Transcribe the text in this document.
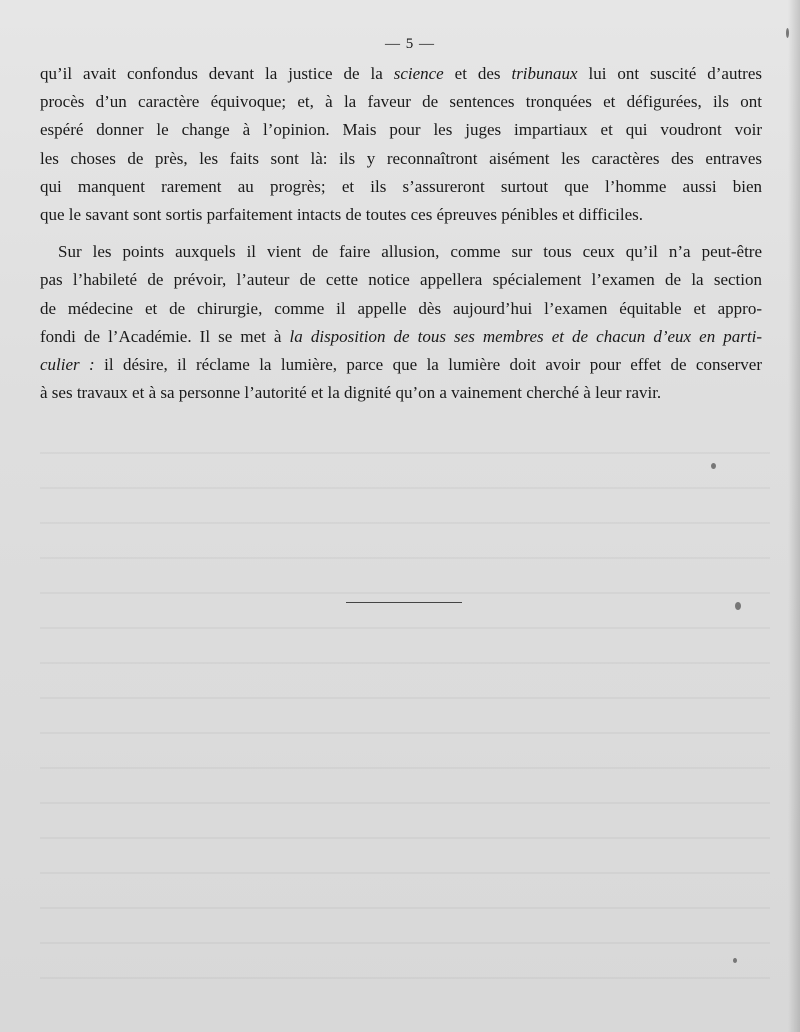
— 5 —
qu’il avait confondus devant la justice de la science et des tribunaux lui ont suscité d’autres
procès d’un caractère équivoque; et, à la faveur de sentences tronquées et défigurées, ils ont
espéré donner le change à l’opinion. Mais pour les juges impartiaux et qui voudront voir
les choses de près, les faits sont là: ils y reconnaîtront aisément les caractères des entraves
qui manquent rarement au progrès; et ils s’assureront surtout que l’homme aussi bien
que le savant sont sortis parfaitement intacts de toutes ces épreuves pénibles et difficiles.
Sur les points auxquels il vient de faire allusion, comme sur tous ceux qu’il n’a peut-être
pas l’habileté de prévoir, l’auteur de cette notice appellera spécialement l’examen de la section
de médecine et de chirurgie, comme il appelle dès aujourd’hui l’examen équitable et appro-
fondi de l’Académie. Il se met à la disposition de tous ses membres et de chacun d’eux en parti-
culier : il désire, il réclame la lumière, parce que la lumière doit avoir pour effet de conserver
à ses travaux et à sa personne l’autorité et la dignité qu’on a vainement cherché à leur ravir.
